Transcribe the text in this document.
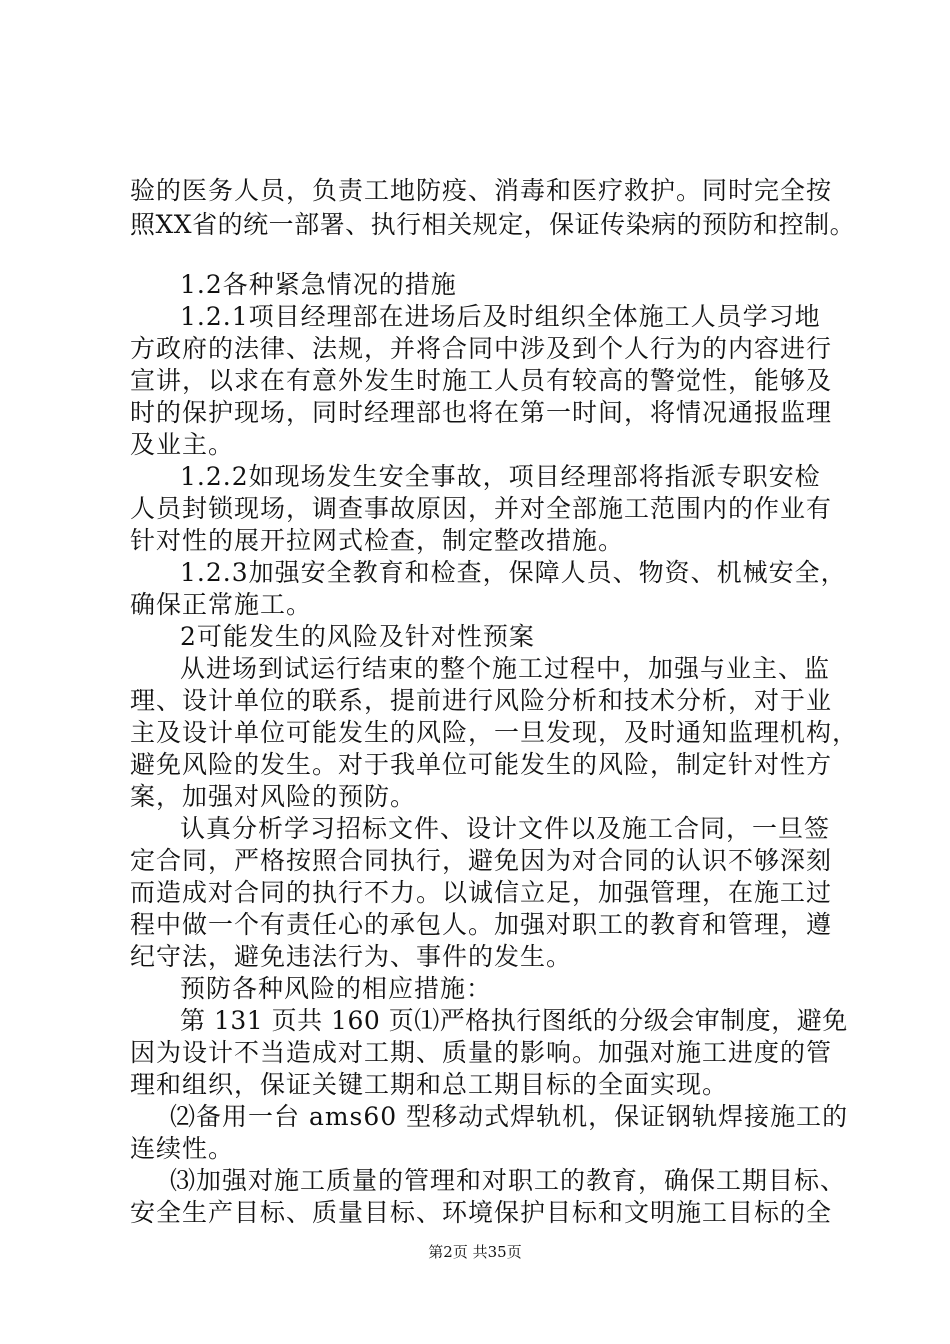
验的医务人员，负责工地防疫、消毒和医疗救护。同时完全按
照XX省的统一部署、执行相关规定，保证传染病的预防和控制。
1.2各种紧急情况的措施
1.2.1项目经理部在进场后及时组织全体施工人员学习地
方政府的法律、法规，并将合同中涉及到个人行为的内容进行
宣讲，以求在有意外发生时施工人员有较高的警觉性，能够及
时的保护现场，同时经理部也将在第一时间，将情况通报监理
及业主。
1.2.2如现场发生安全事故，项目经理部将指派专职安检
人员封锁现场，调查事故原因，并对全部施工范围内的作业有
针对性的展开拉网式检查，制定整改措施。
1.2.3加强安全教育和检查，保障人员、物资、机械安全，
确保正常施工。
2可能发生的风险及针对性预案
从进场到试运行结束的整个施工过程中，加强与业主、监
理、设计单位的联系，提前进行风险分析和技术分析，对于业
主及设计单位可能发生的风险，一旦发现，及时通知监理机构，
避免风险的发生。对于我单位可能发生的风险，制定针对性方
案，加强对风险的预防。
认真分析学习招标文件、设计文件以及施工合同，一旦签
定合同，严格按照合同执行，避免因为对合同的认识不够深刻
而造成对合同的执行不力。以诚信立足，加强管理，在施工过
程中做一个有责任心的承包人。加强对职工的教育和管理，遵
纪守法，避免违法行为、事件的发生。
预防各种风险的相应措施：
第 131 页共 160 页⑴严格执行图纸的分级会审制度，避免
因为设计不当造成对工期、质量的影响。加强对施工进度的管
理和组织，保证关键工期和总工期目标的全面实现。
⑵备用一台 ams60 型移动式焊轨机，保证钢轨焊接施工的
连续性。
⑶加强对施工质量的管理和对职工的教育，确保工期目标、
安全生产目标、质量目标、环境保护目标和文明施工目标的全
第2页 共35页
